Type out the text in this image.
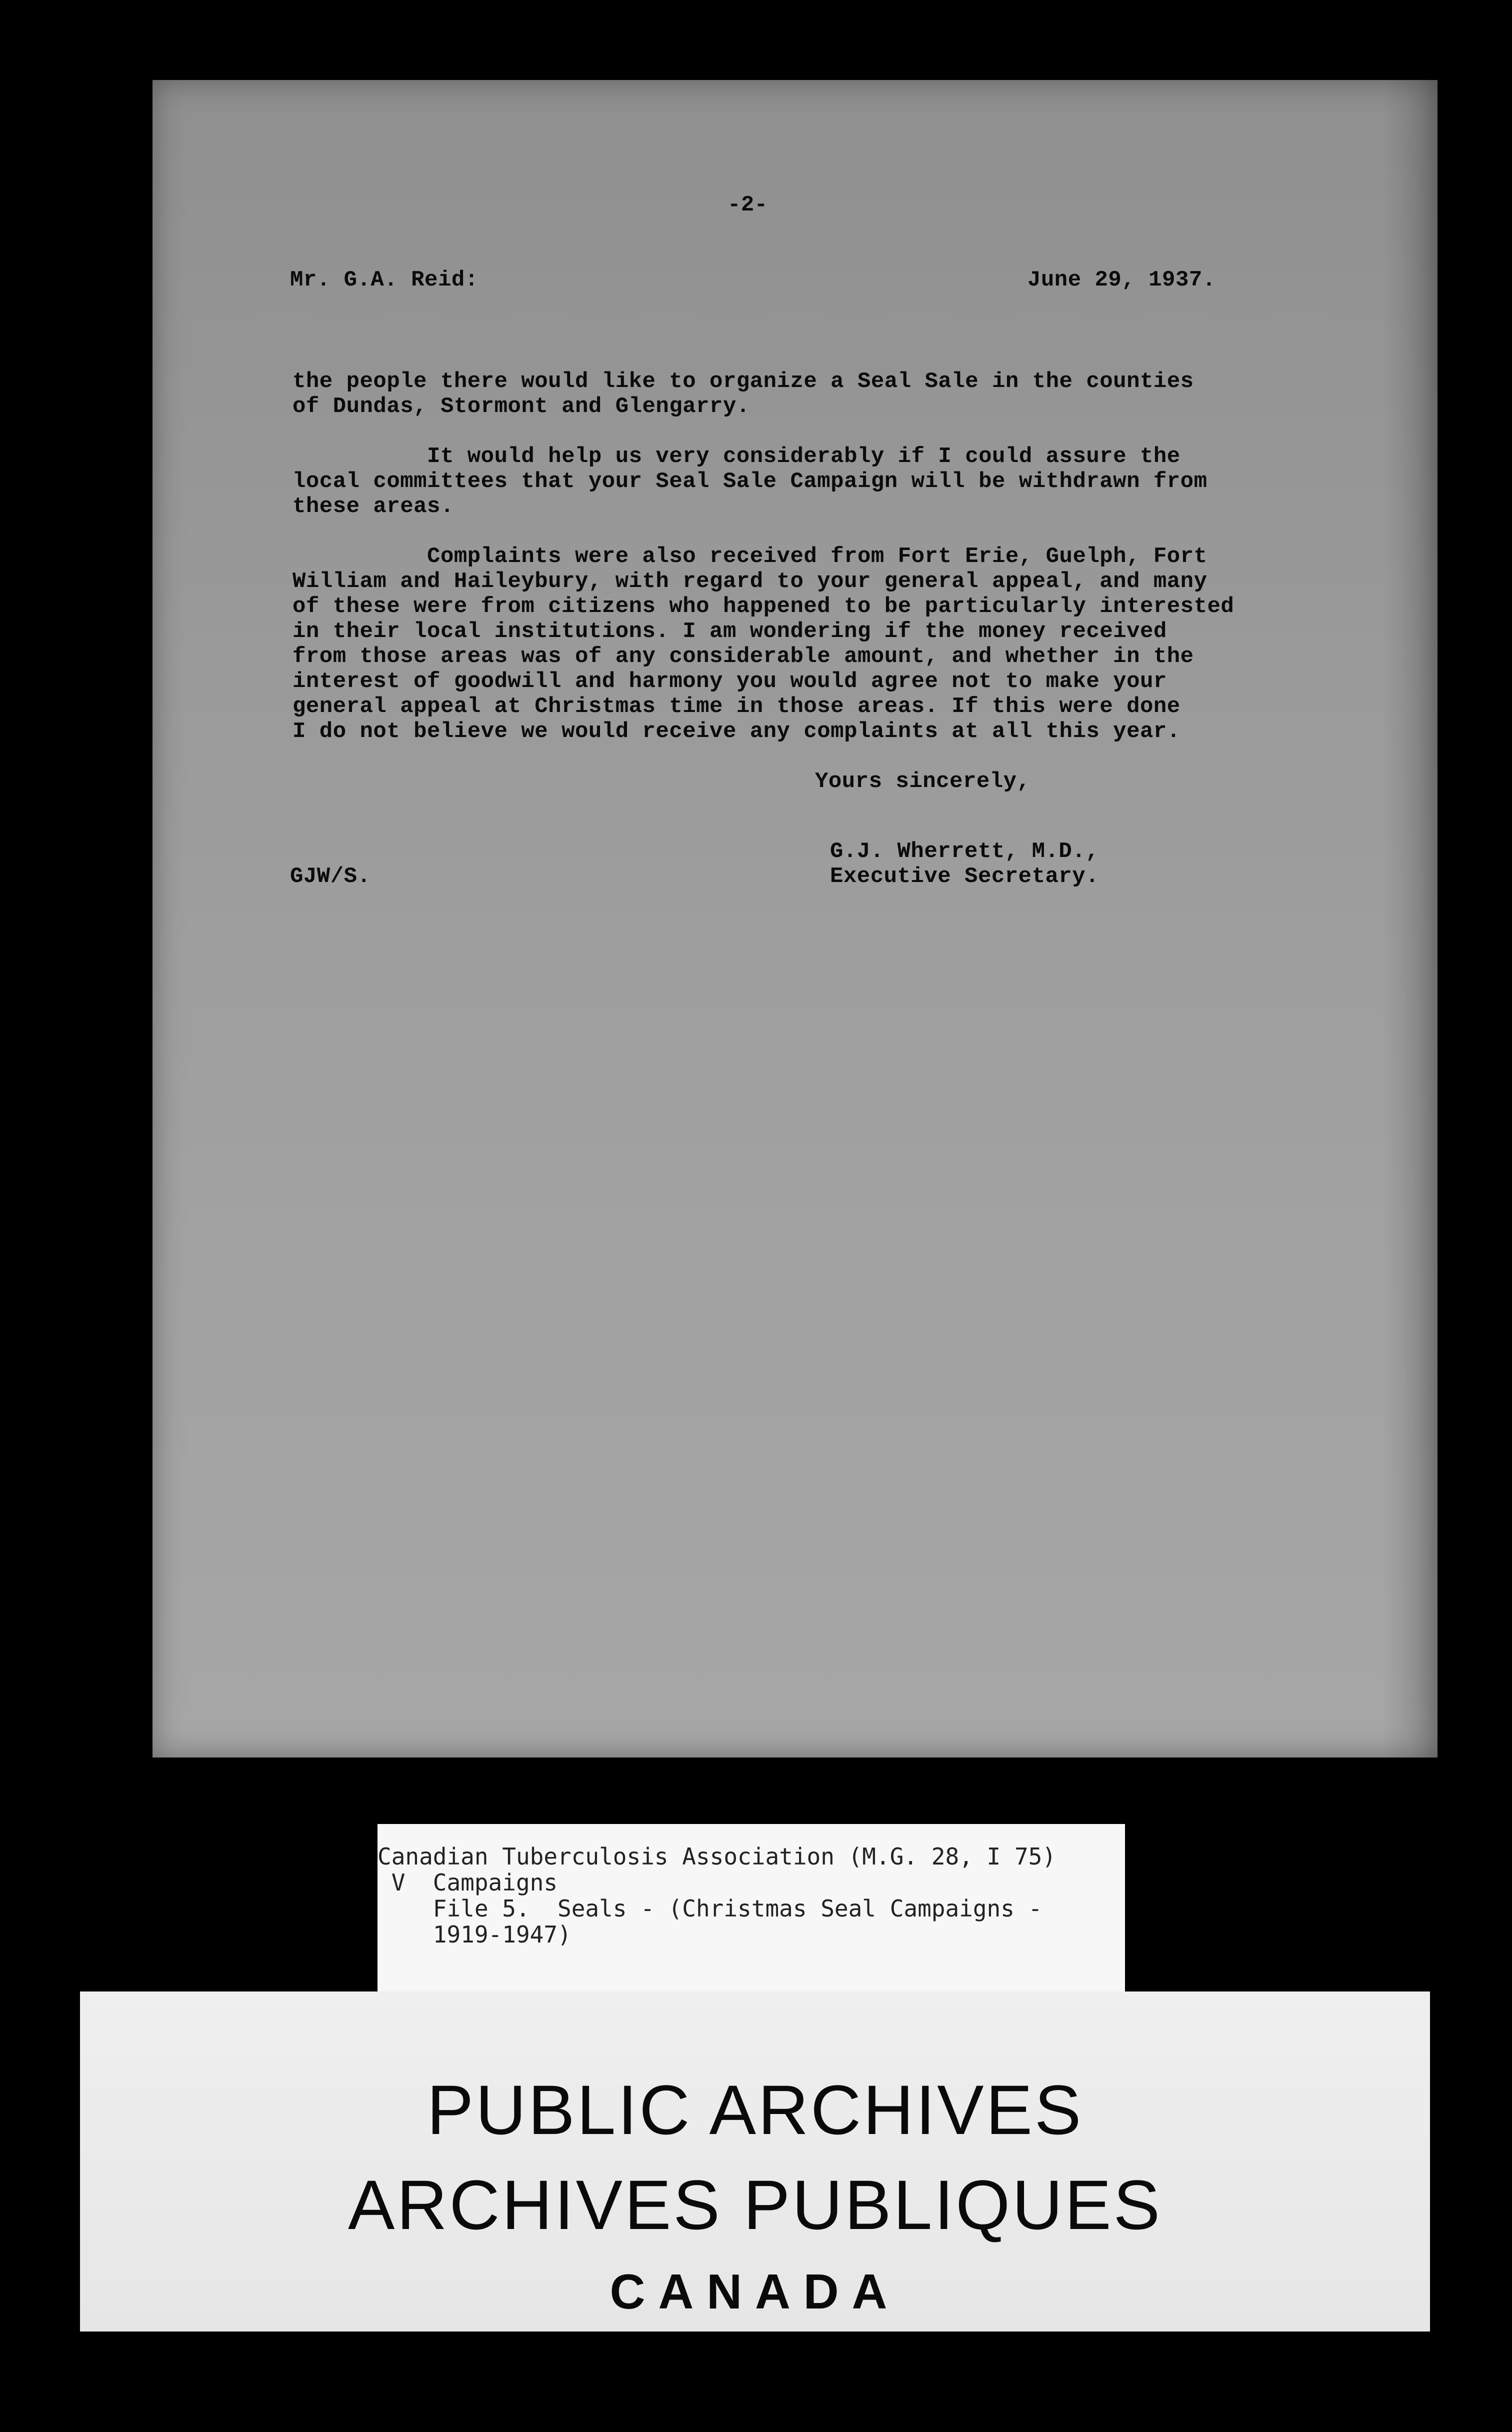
-2-
Mr. G.A. Reid:	June 29, 1937.
the people there would like to organize a Seal Sale in the counties
of Dundas, Stormont and Glengarry.
It would help us very considerably if I could assure the
local committees that your Seal Sale Campaign will be withdrawn from
these areas.
Complaints were also received from Fort Erie, Guelph, Fort
William and Haileybury, with regard to your general appeal, and many
of these were from citizens who happened to be particularly interested
in their local institutions. I am wondering if the money received
from those areas was of any considerable amount, and whether in the
interest of goodwill and harmony you would agree not to make your
general appeal at Christmas time in those areas. If this were done
I do not believe we would receive any complaints at all this year.
Yours sincerely,
G.J. Wherrett, M.D.,
Executive Secretary.
GJW/S.
Canadian Tuberculosis Association (M.G. 28, I 75)
V  Campaigns
File 5.  Seals - (Christmas Seal Campaigns -
1919-1947)
PUBLIC ARCHIVES
ARCHIVES PUBLIQUES
CANADA
